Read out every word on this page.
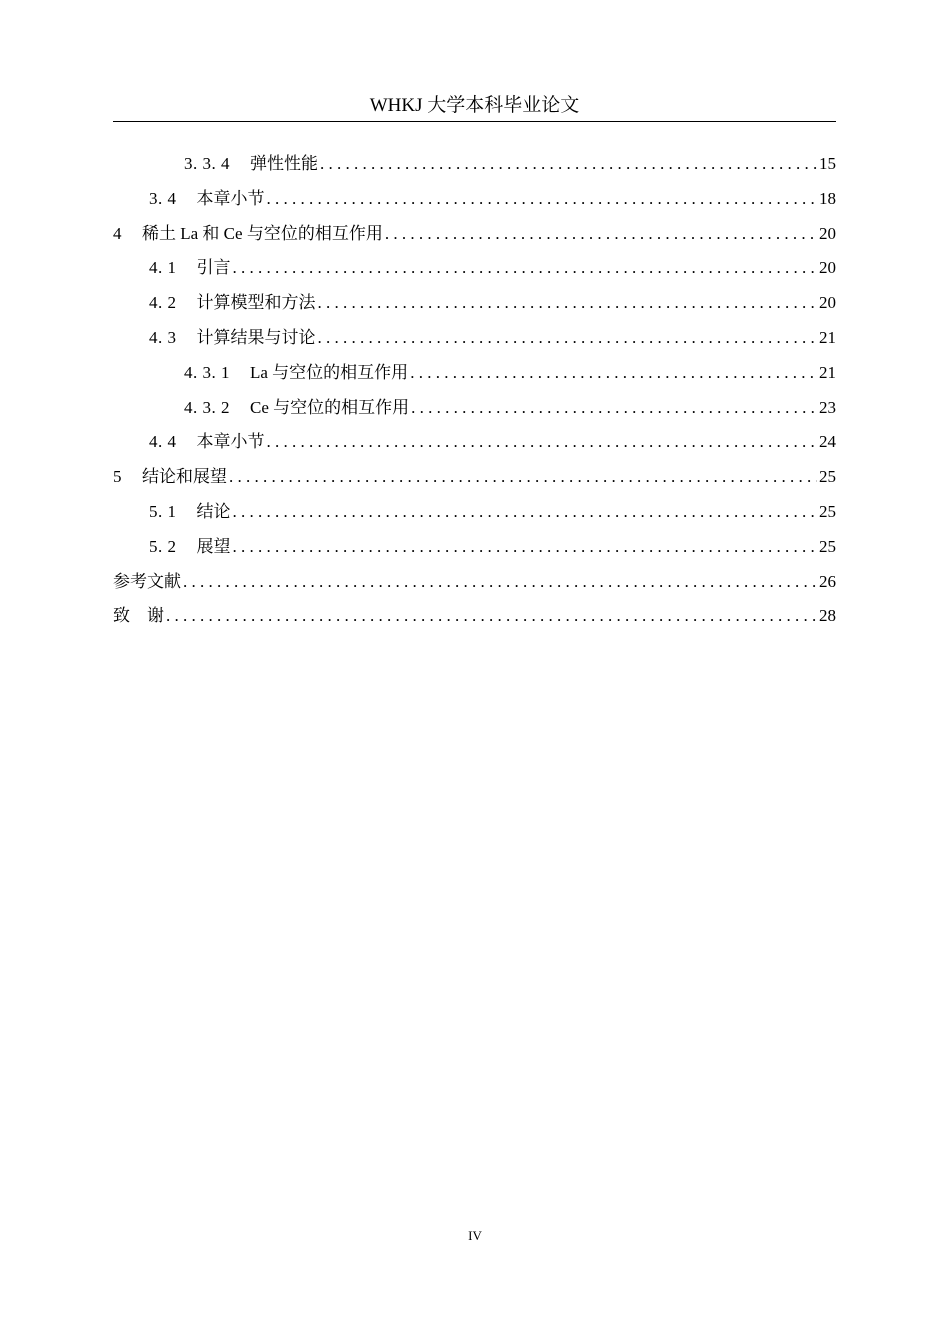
WHKJ 大学本科毕业论文
3. 3. 4 弹性性能 . . .	15
3. 4 本章小节 . . .	18
4 稀土 La 和 Ce 与空位的相互作用 . . .	20
4. 1 引言 . . .	20
4. 2 计算模型和方法 . . .	20
4. 3 计算结果与讨论 . . .	21
4. 3. 1 La 与空位的相互作用 . . .	21
4. 3. 2 Ce 与空位的相互作用 . . .	23
4. 4 本章小节 . . .	24
5 结论和展望 . . .	25
5. 1 结论 . . .	25
5. 2 展望 . . .	25
参考文献 . . .	26
致　谢 . . .	28
IV
